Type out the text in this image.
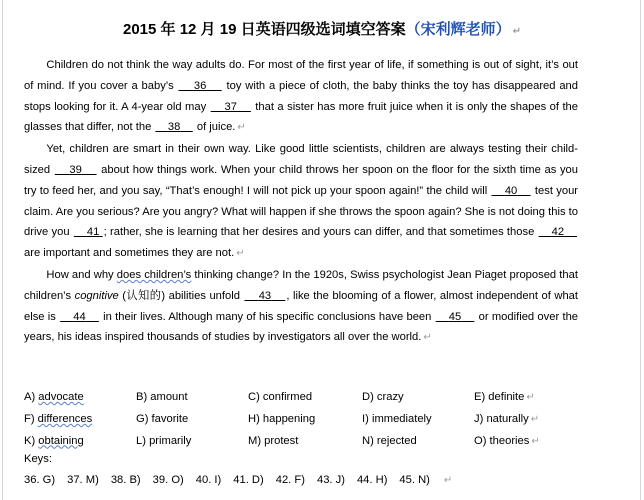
2015 年 12 月 19 日英语四级选词填空答案（宋利辉老师） ↵

Children do not think the way adults do. For most of the first year of life, if something is out of sight, it’s out of mind. If you cover a baby’s     36     toy with a piece of cloth, the baby thinks the toy has disappeared and stops looking for it. A 4-year old may     37     that a sister has more fruit juice when it is only the shapes of the glasses that differ, not the     38     of juice. ↵

Yet, children are smart in their own way. Like good little scientists, children are always testing their child-sized     39     about how things work. When your child throws her spoon on the floor for the sixth time as you try to feed her, and you say, “That’s enough! I will not pick up your spoon again!” the child will     40     test your claim. Are you serious? Are you angry? What will happen if she throws the spoon again? She is not doing this to drive you     41 ; rather, she is learning that her desires and yours can differ, and that sometimes those     42     are important and sometimes they are not. ↵

How and why does children’s thinking change? In the 1920s, Swiss psychologist Jean Piaget proposed that children’s cognitive (认知的) abilities unfold     43 , like the blooming of a flower, almost independent of what else is     44     in their lives. Although many of his specific conclusions have been     45     or modified over the years, his ideas inspired thousands of studies by investigators all over the world. ↵

A) advocate	B) amount	C) confirmed	D) crazy	E) definite ↵
F) differences	G) favorite	H) happening	I) immediately	J) naturally ↵
K) obtaining	L) primarily	M) protest	N) rejected	O) theories ↵
Keys:
36. G) 37. M) 38. B) 39. O) 40. I) 41. D) 42. F) 43. J) 44. H) 45. N) ↵
